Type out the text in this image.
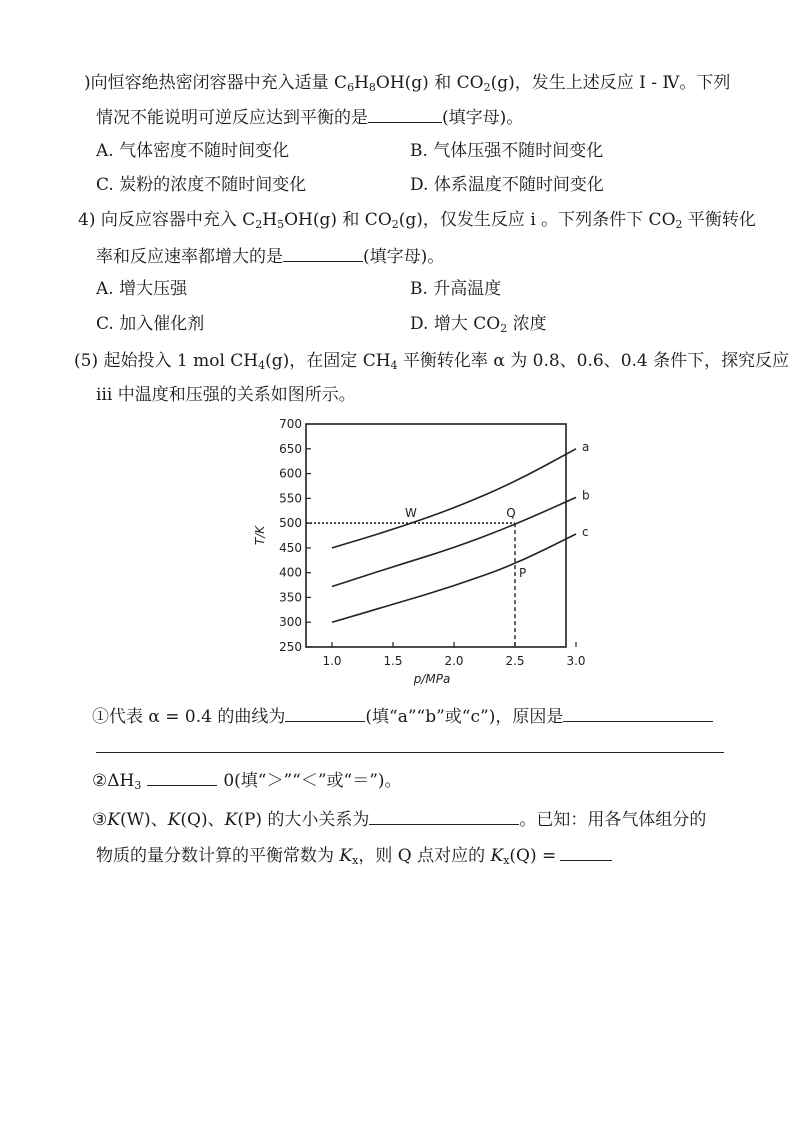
)向恒容绝热密闭容器中充入适量 $C_6H_8OH(g)$ 和 $CO_2(g)$，发生上述反应 Ⅰ - Ⅳ。下列
情况不能说明可逆反应达到平衡的是	(填字母)。
A. 气体密度不随时间变化	B. 气体压强不随时间变化
C. 炭粉的浓度不随时间变化	D. 体系温度不随时间变化
4) 向反应容器中充入 $C_2H_5OH(g)$ 和 $CO_2(g)$，仅发生反应 ⅰ 。下列条件下 $CO_2$ 平衡转化
率和反应速率都增大的是	(填字母)。
A. 增大压强	B. 升高温度
C. 加入催化剂	D. 增大 $CO_2$ 浓度
(5) 起始投入 1 mol $CH_4(g)$，在固定 $CH_4$ 平衡转化率 α 为 0.8、0.6、0.4 条件下，探究反应
ⅲ 中温度和压强的关系如图所示。
250
300
350
400
450
500
550
600
650
700
1.0	1.5	2.0	2.5	3.0
p/MPa
T/K
a
b
c
W	Q
P
①代表 α = 0.4 的曲线为	(填“a”“b”或“c”)，原因是
$②\Delta H_3$	0(填“＞”“＜”或“＝”)。
③K(W)、K(Q)、K(P) 的大小关系为	。已知：用各气体组分的
物质的量分数计算的平衡常数为 $K_x$，则 Q 点对应的 $K_x(Q)$ =
